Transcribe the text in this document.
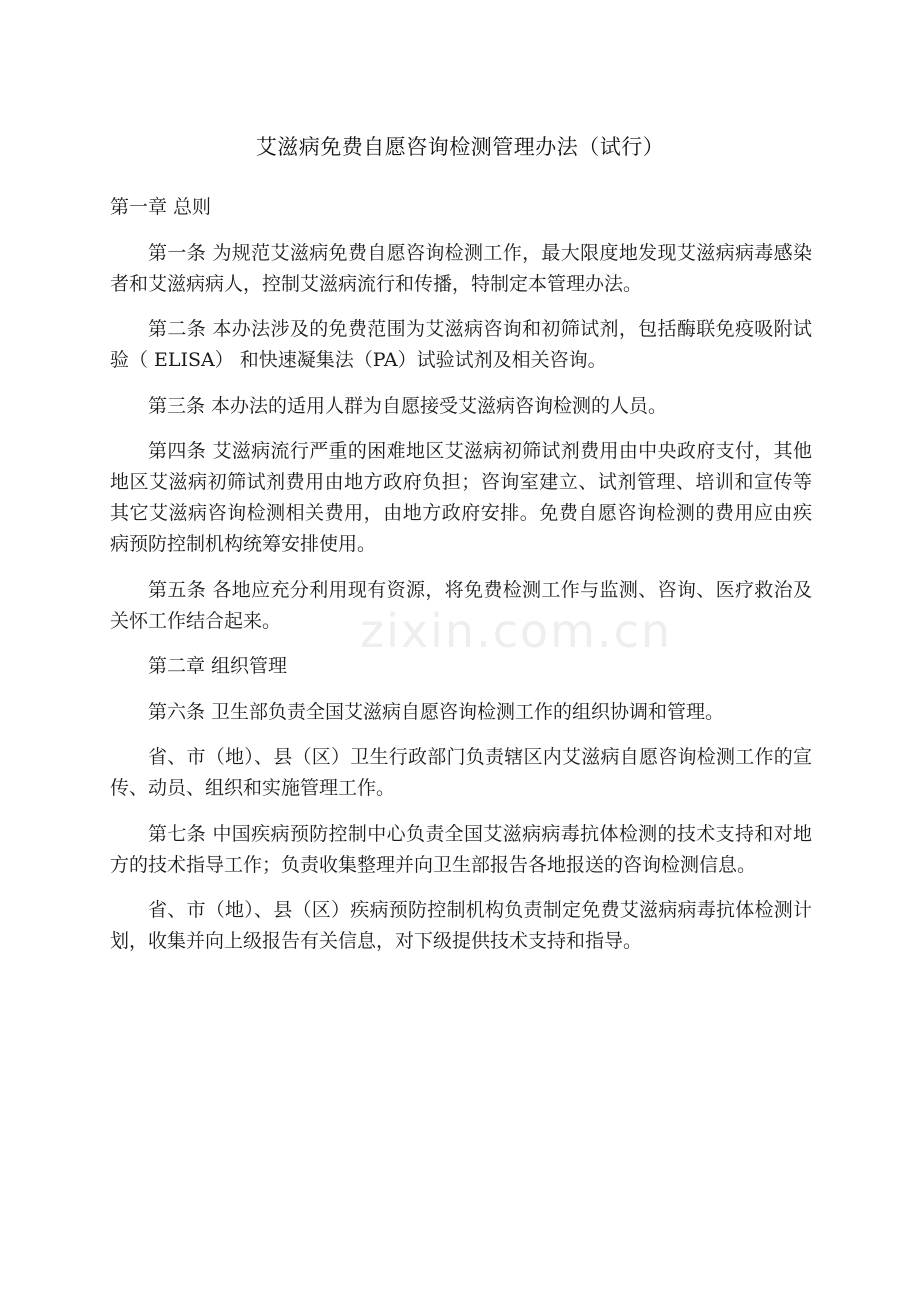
艾滋病免费自愿咨询检测管理办法（试行）

第一章 总则

第一条 为规范艾滋病免费自愿咨询检测工作，最大限度地发现艾滋病病毒感染者和艾滋病病人，控制艾滋病流行和传播，特制定本管理办法。

第二条 本办法涉及的免费范围为艾滋病咨询和初筛试剂，包括酶联免疫吸附试验（ ELISA） 和快速凝集法（PA）试验试剂及相关咨询。

第三条 本办法的适用人群为自愿接受艾滋病咨询检测的人员。

第四条 艾滋病流行严重的困难地区艾滋病初筛试剂费用由中央政府支付，其他地区艾滋病初筛试剂费用由地方政府负担；咨询室建立、试剂管理、培训和宣传等其它艾滋病咨询检测相关费用，由地方政府安排。免费自愿咨询检测的费用应由疾病预防控制机构统筹安排使用。

第五条 各地应充分利用现有资源，将免费检测工作与监测、咨询、医疗救治及关怀工作结合起来。

第二章 组织管理

第六条 卫生部负责全国艾滋病自愿咨询检测工作的组织协调和管理。

省、市（地）、县（区）卫生行政部门负责辖区内艾滋病自愿咨询检测工作的宣传、动员、组织和实施管理工作。

第七条 中国疾病预防控制中心负责全国艾滋病病毒抗体检测的技术支持和对地方的技术指导工作；负责收集整理并向卫生部报告各地报送的咨询检测信息。

省、市（地）、县（区）疾病预防控制机构负责制定免费艾滋病病毒抗体检测计划，收集并向上级报告有关信息，对下级提供技术支持和指导。

zixin.com.cn
